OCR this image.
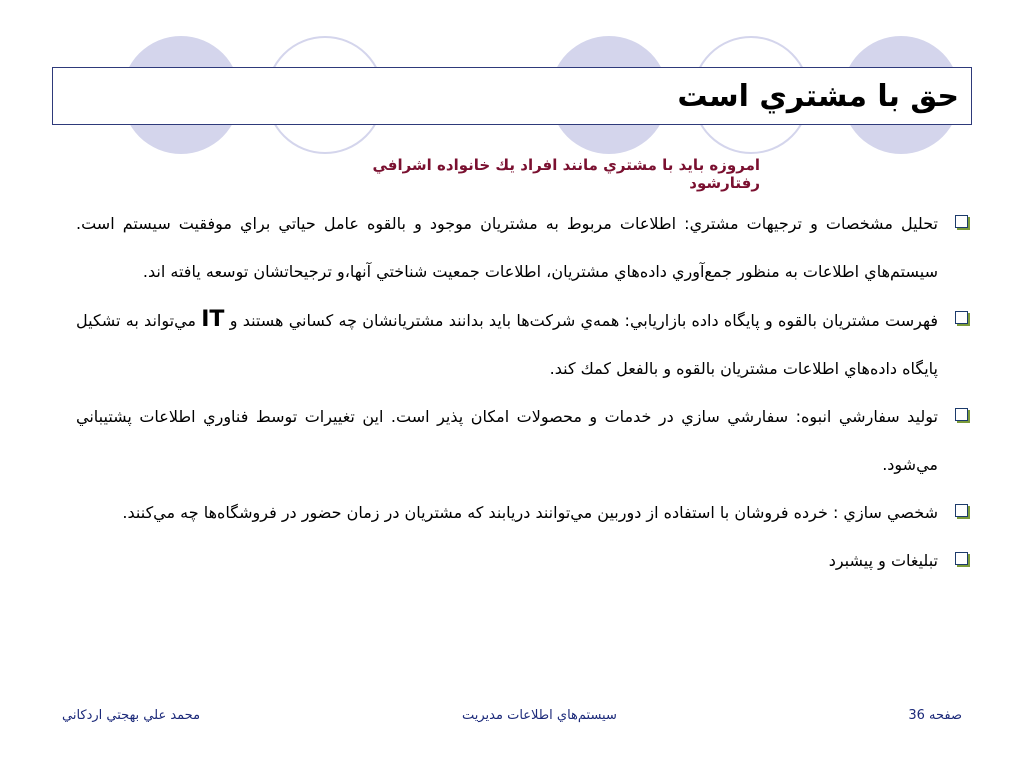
حق با مشتري است
امروزه بايد با مشتري مانند افراد يك خانواده اشرافي رفتارشود
تحليل مشخصات و ترجيهات مشتري: اطلاعات مربوط به مشتريان موجود و بالقوه عامل حياتي براي موفقيت سيستم است. سيستم‌هاي اطلاعات به منظور جمع‌آوري داده‌هاي مشتريان، اطلاعات جمعيت شناختي آنها،و ترجيحاتشان توسعه يافته اند.
فهرست مشتريان بالقوه و پايگاه داده بازاريابي: همه‌ي شركت‌ها بايد بدانند مشتريانشان چه كساني هستند و IT مي‌تواند به تشكيل پايگاه داده‌هاي اطلاعات مشتريان بالقوه و بالفعل كمك كند.
توليد سفارشي انبوه: سفارشي سازي در خدمات و محصولات امكان پذير است. اين تغييرات توسط فناوري اطلاعات پشتيباني مي‌شود.
شخصي سازي : خرده فروشان با استفاده از دوربين مي‌توانند دريابند كه مشتريان در زمان حضور در فروشگاه‌ها چه مي‌كنند.
تبليغات و پيشبرد
صفحه 36
سيستم‌هاي اطلاعات مديريت
محمد علي بهجتي اردكاني
